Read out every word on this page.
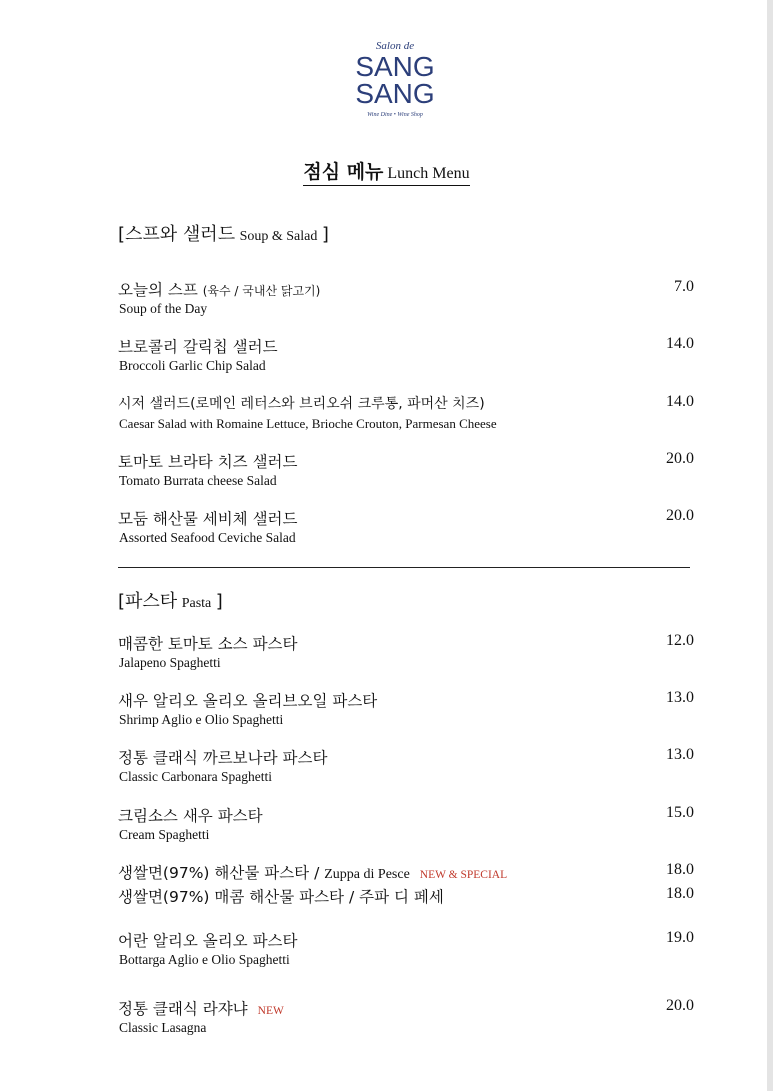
Salon de
SANG
SANG
Wine Dine • Wine Shop
점심 메뉴 Lunch Menu
[스프와 샐러드 Soup & Salad ]
오늘의 스프 (육수 / 국내산 닭고기)
Soup of the Day
7.0
브로콜리 갈릭칩 샐러드
Broccoli Garlic Chip Salad
14.0
시저 샐러드(로메인 레터스와 브리오쉬 크루통, 파머산 치즈)
Caesar Salad with Romaine Lettuce, Brioche Crouton, Parmesan Cheese
14.0
토마토 브라타 치즈 샐러드
Tomato Burrata cheese Salad
20.0
모둠 해산물 세비체 샐러드
Assorted Seafood Ceviche Salad
20.0
[파스타 Pasta ]
매콤한 토마토 소스 파스타
Jalapeno Spaghetti
12.0
새우 알리오 올리오 올리브오일 파스타
Shrimp Aglio e Olio Spaghetti
13.0
정통 클래식 까르보나라 파스타
Classic Carbonara Spaghetti
13.0
크림소스 새우 파스타
Cream Spaghetti
15.0
생쌀면(97%) 해산물 파스타 / Zuppa di Pesce NEW & SPECIAL	18.0
생쌀면(97%) 매콤 해산물 파스타 / 주파 디 페세	18.0
어란 알리오 올리오 파스타
Bottarga Aglio e Olio Spaghetti
19.0
정통 클래식 라쟈냐 NEW
Classic Lasagna
20.0
